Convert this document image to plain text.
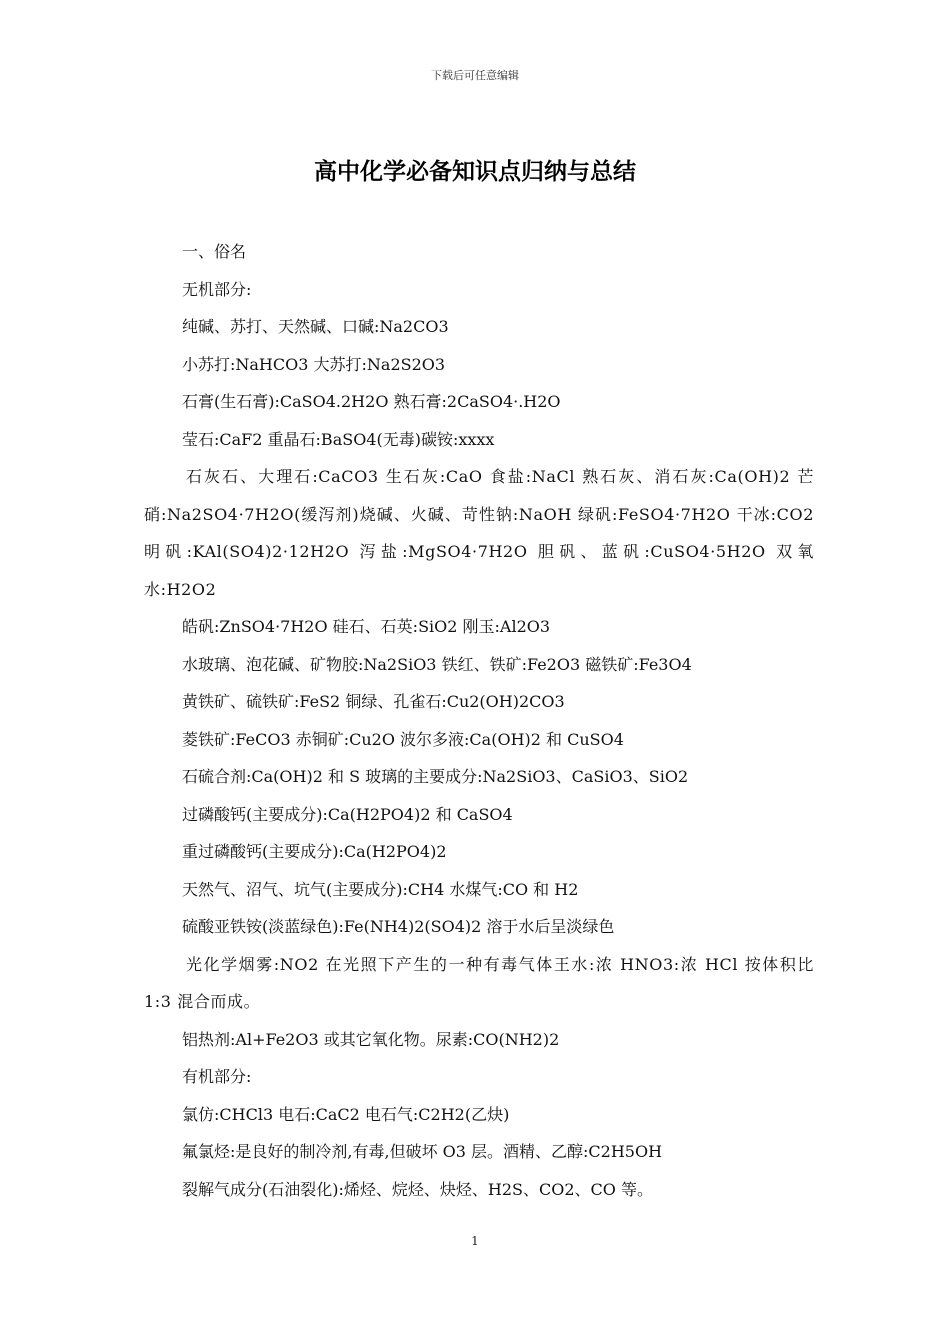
下载后可任意编辑
高中化学必备知识点归纳与总结
一、俗名
无机部分:
纯碱、苏打、天然碱、口碱:Na2CO3
小苏打:NaHCO3 大苏打:Na2S2O3
石膏(生石膏):CaSO4.2H2O 熟石膏:2CaSO4·.H2O
莹石:CaF2 重晶石:BaSO4(无毒)碳铵:xxxx
石灰石、大理石:CaCO3 生石灰:CaO 食盐:NaCl 熟石灰、消石灰:Ca(OH)2 芒硝:Na2SO4·7H2O(缓泻剂)烧碱、火碱、苛性钠:NaOH 绿矾:FeSO4·7H2O 干冰:CO2 明矾:KAl(SO4)2·12H2O 泻盐:MgSO4·7H2O 胆矾、蓝矾:CuSO4·5H2O 双氧水:H2O2
皓矾:ZnSO4·7H2O 硅石、石英:SiO2 刚玉:Al2O3
水玻璃、泡花碱、矿物胶:Na2SiO3 铁红、铁矿:Fe2O3 磁铁矿:Fe3O4
黄铁矿、硫铁矿:FeS2 铜绿、孔雀石:Cu2(OH)2CO3
菱铁矿:FeCO3 赤铜矿:Cu2O 波尔多液:Ca(OH)2 和 CuSO4
石硫合剂:Ca(OH)2 和 S 玻璃的主要成分:Na2SiO3、CaSiO3、SiO2
过磷酸钙(主要成分):Ca(H2PO4)2 和 CaSO4
重过磷酸钙(主要成分):Ca(H2PO4)2
天然气、沼气、坑气(主要成分):CH4 水煤气:CO 和 H2
硫酸亚铁铵(淡蓝绿色):Fe(NH4)2(SO4)2 溶于水后呈淡绿色
光化学烟雾:NO2 在光照下产生的一种有毒气体王水:浓 HNO3:浓 HCl 按体积比 1:3 混合而成。
铝热剂:Al+Fe2O3 或其它氧化物。尿素:CO(NH2)2
有机部分:
氯仿:CHCl3 电石:CaC2 电石气:C2H2(乙炔)
氟氯烃:是良好的制冷剂,有毒,但破坏 O3 层。酒精、乙醇:C2H5OH
裂解气成分(石油裂化):烯烃、烷烃、炔烃、H2S、CO2、CO 等。
1
